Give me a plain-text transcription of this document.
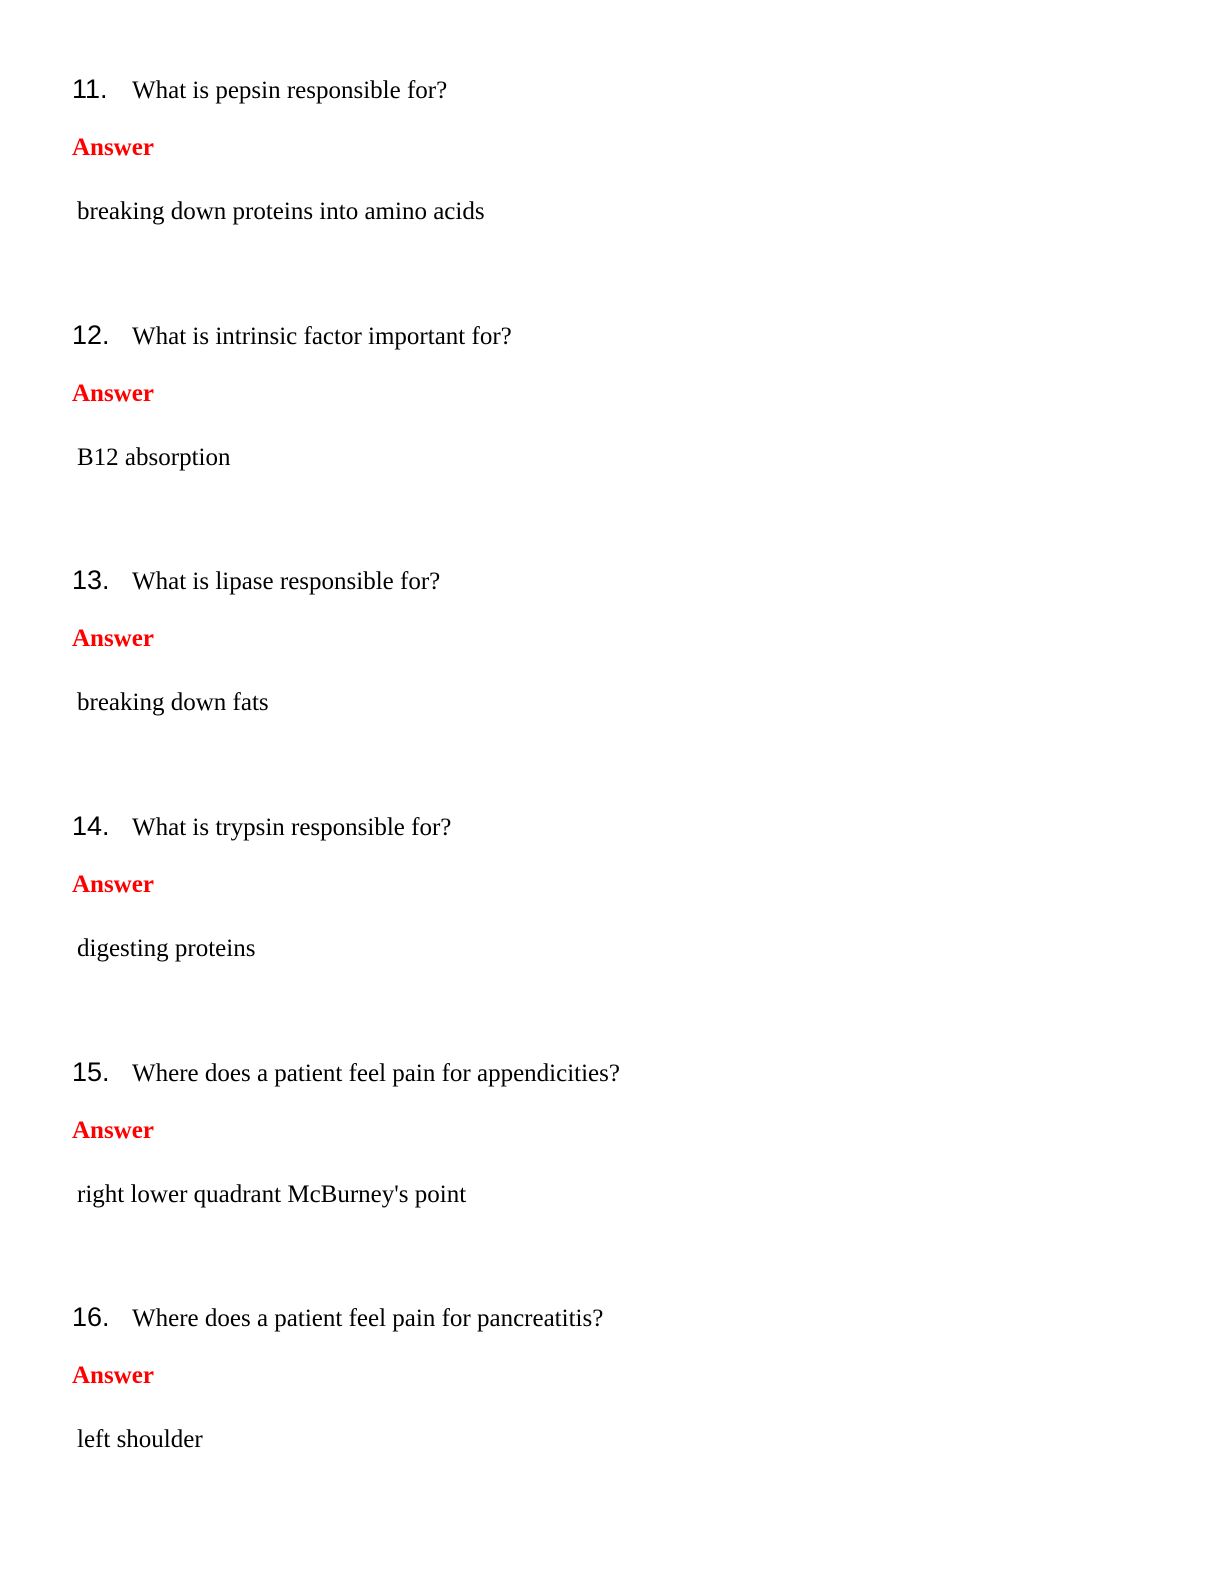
11. What is pepsin responsible for?
Answer
breaking down proteins into amino acids
12. What is intrinsic factor important for?
Answer
B12 absorption
13. What is lipase responsible for?
Answer
breaking down fats
14. What is trypsin responsible for?
Answer
digesting proteins
15. Where does a patient feel pain for appendicities?
Answer
right lower quadrant McBurney's point
16. Where does a patient feel pain for pancreatitis?
Answer
left shoulder
